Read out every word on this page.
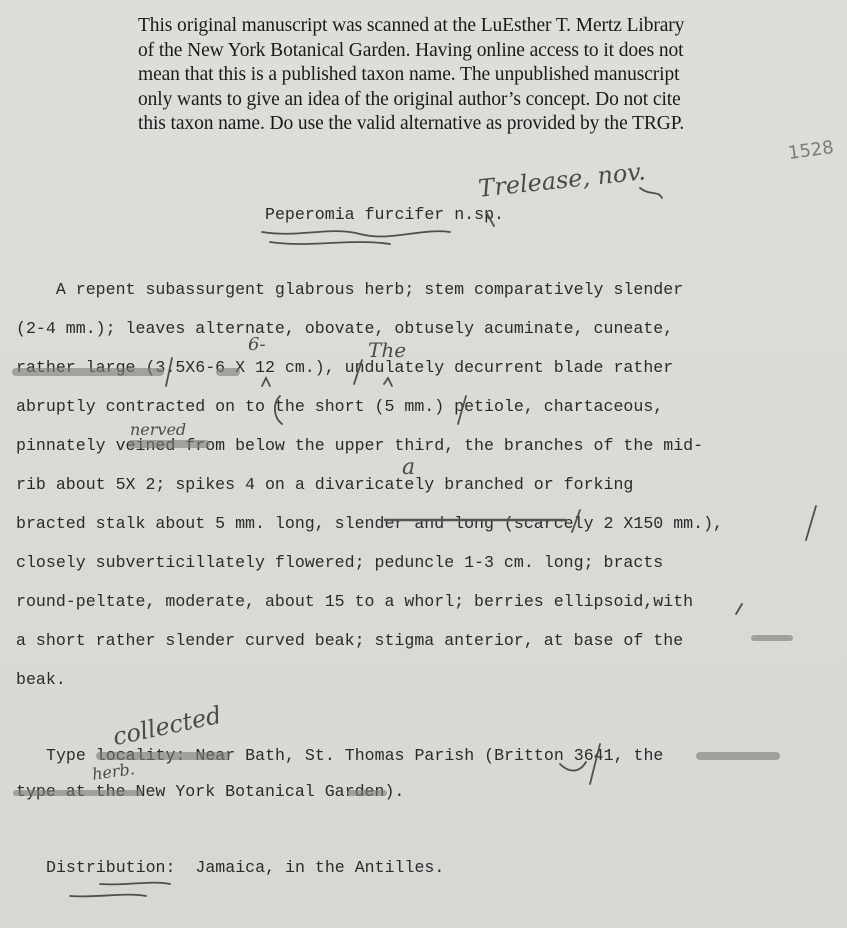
This original manuscript was scanned at the LuEsther T. Mertz Library
of the New York Botanical Garden. Having online access to it does not
mean that this is a published taxon name. The unpublished manuscript
only wants to give an idea of the original author’s concept. Do not cite
this taxon name. Do use the valid alternative as provided by the TRGP.
1528
Peperomia furcifer n.sp.
Trelease, nov.
A repent subassurgent glabrous herb; stem comparatively slender
(2-4 mm.); leaves alternate, obovate, obtusely acuminate, cuneate,
rather large (3.5X6-6 X 12 cm.), undulately decurrent blade rather
abruptly contracted on to the short (5 mm.) petiole, chartaceous,
pinnately veined from below the upper third, the branches of the mid-
rib about 5X 2; spikes 4 on a divaricately branched or forking
bracted stalk about 5 mm. long, slender and long (scarcely 2 X150 mm.),
closely subverticillately flowered; peduncle 1-3 cm. long; bracts
round-peltate, moderate, about 15 to a whorl; berries ellipsoid,with
a short rather slender curved beak; stigma anterior, at base of the
beak.
6-	The
nerved
a
Type locality: Near Bath, St. Thomas Parish (Britton 3641, the
type at the New York Botanical Garden).
collected
herb.
Distribution:  Jamaica, in the Antilles.
